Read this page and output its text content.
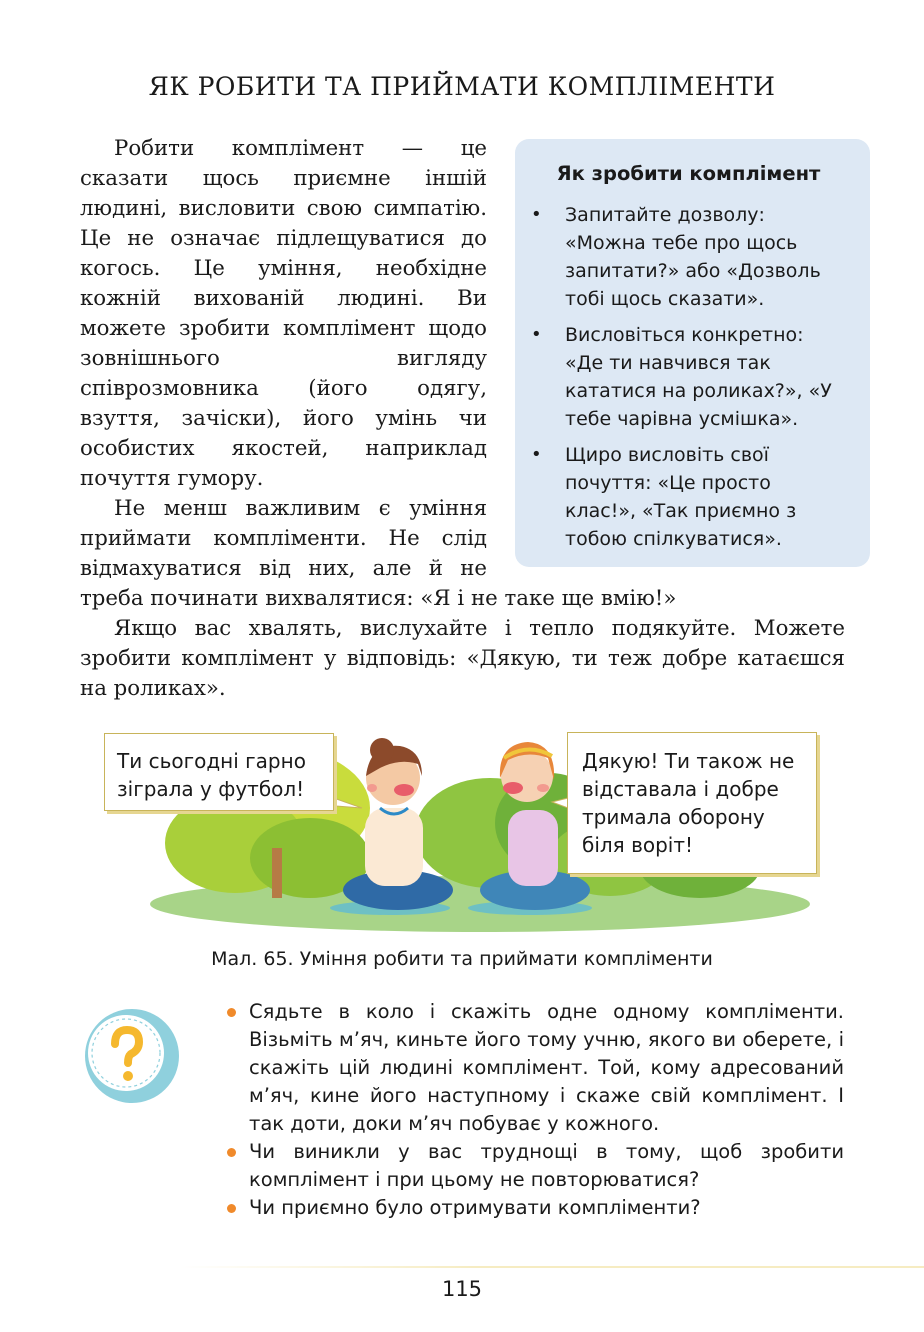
ЯК РОБИТИ ТА ПРИЙМАТИ КОМПЛІМЕНТИ
Як зробити комплімент
• Запитайте дозволу: «Можна тебе про щось запитати?» або «Дозволь тобі щось сказати».
• Висловіться конкретно: «Де ти навчився так кататися на роликах?», «У тебе чарівна усмішка».
• Щиро висловіть свої почуття: «Це просто клас!», «Так приємно з тобою спілкуватися».

Робити комплімент — це сказати щось приємне іншій людині, висловити свою симпатію. Це не означає підлещуватися до когось. Це уміння, необхідне кожній вихованій людині. Ви можете зробити комплімент щодо зовнішнього вигляду співрозмовника (його одягу, взуття, зачіски), його умінь чи особистих якостей, наприклад почуття гумору.

Не менш важливим є уміння приймати компліменти. Не слід відмахуватися від них, але й не треба починати вихвалятися: «Я і не таке ще вмію!»

Якщо вас хвалять, вислухайте і тепло подякуйте. Можете зробити комплімент у відповідь: «Дякую, ти теж добре катаєшся на роликах».

Ти сьогодні гарно зіграла у футбол!
Дякую! Ти також не відставала і добре тримала оборону біля воріт!
Мал. 65. Уміння робити та приймати компліменти
Сядьте в коло і скажіть одне одному компліменти. Візьміть м’яч, киньте його тому учню, якого ви оберете, і скажіть цій людині комплімент. Той, кому адресований м’яч, кине його наступному і скаже свій комплімент. І так доти, доки м’яч побуває у кожного.
Чи виникли у вас труднощі в тому, щоб зробити комплімент і при цьому не повторюватися?
Чи приємно було отримувати компліменти?
115
